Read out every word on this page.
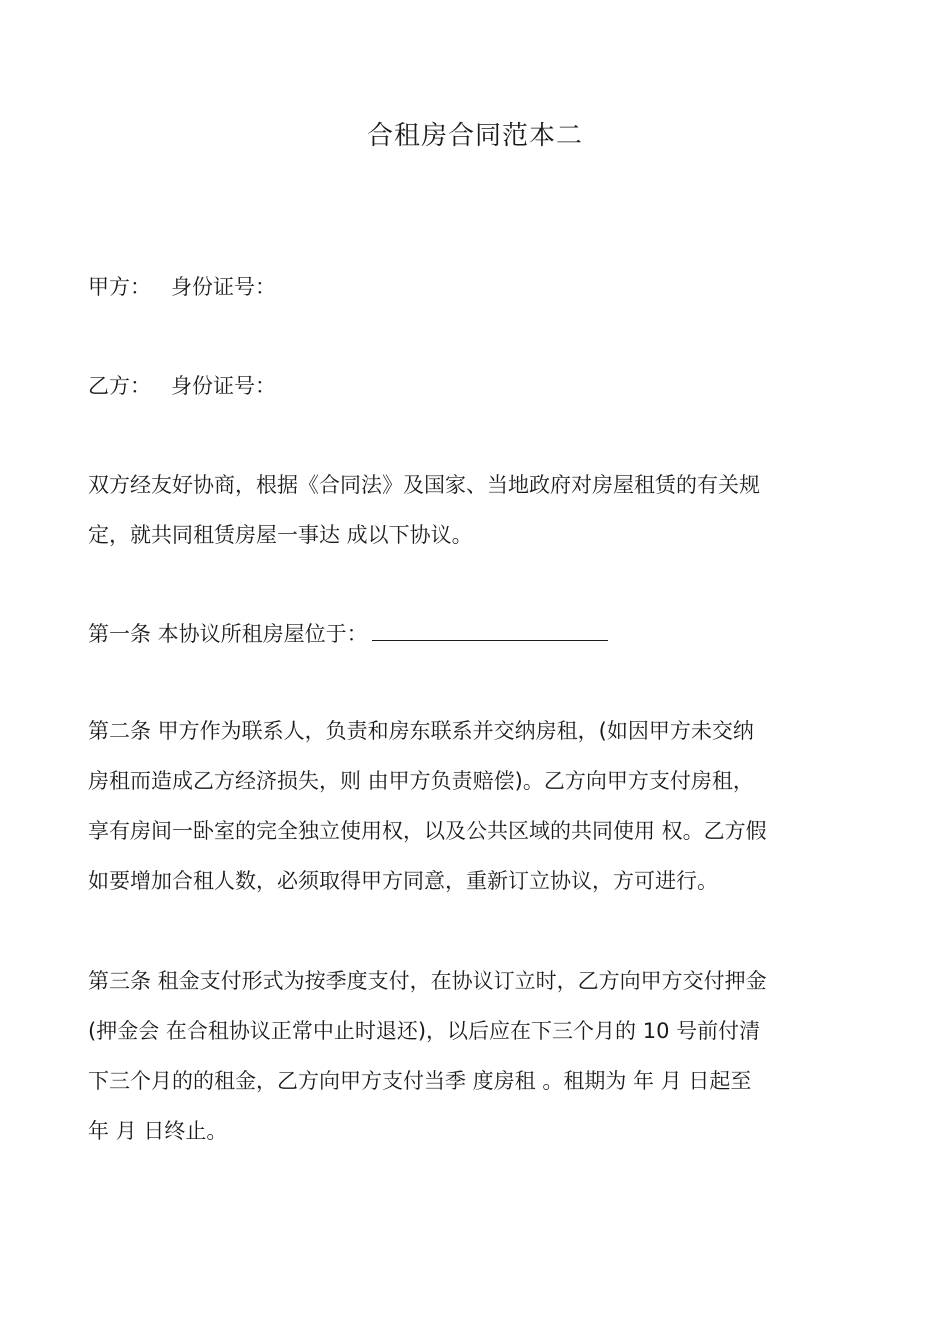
合租房合同范本二
甲方： 身份证号：
乙方： 身份证号：
双方经友好协商，根据《合同法》及国家、当地政府对房屋租赁的有关规
定，就共同租赁房屋一事达 成以下协议。
第一条 本协议所租房屋位于：
第二条 甲方作为联系人，负责和房东联系并交纳房租，(如因甲方未交纳
房租而造成乙方经济损失，则 由甲方负责赔偿)。乙方向甲方支付房租，
享有房间一卧室的完全独立使用权，以及公共区域的共同使用 权。乙方假
如要增加合租人数，必须取得甲方同意，重新订立协议，方可进行。
第三条 租金支付形式为按季度支付，在协议订立时，乙方向甲方交付押金
(押金会 在合租协议正常中止时退还)，以后应在下三个月的 10 号前付清
下三个月的的租金，乙方向甲方支付当季 度房租 。租期为 年 月 日起至
年 月 日终止。
